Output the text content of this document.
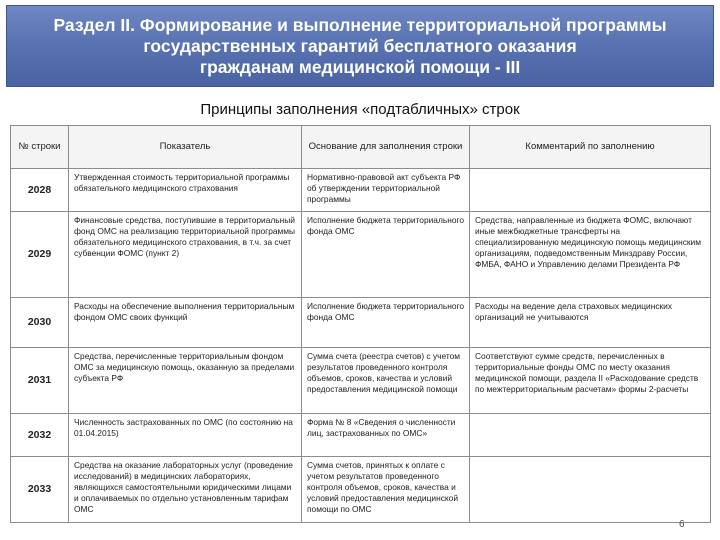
Раздел II. Формирование и выполнение территориальной программы
государственных гарантий бесплатного оказания
гражданам медицинской помощи - III
Принципы заполнения «подтабличных» строк
№ строки	Показатель	Основание для заполнения строки	Комментарий по заполнению
2028	Утвержденная стоимость территориальной программы обязательного медицинского страхования	Нормативно-правовой акт субъекта РФ об утверждении территориальной программы	
2029	Финансовые средства, поступившие в территориальный фонд ОМС на реализацию территориальной программы обязательного медицинского страхования, в т.ч. за счет субвенции ФОМС (пункт 2)	Исполнение бюджета территориального фонда ОМС	Средства, направленные из бюджета ФОМС, включают иные межбюджетные трансферты на специализированную медицинскую помощь медицинским организациям, подведомственным Минздраву России, ФМБА, ФАНО и Управлению делами Президента РФ
2030	Расходы на обеспечение выполнения территориальным фондом ОМС своих функций	Исполнение бюджета территориального фонда ОМС	Расходы на ведение дела страховых медицинских организаций не учитываются
2031	Средства, перечисленные территориальным фондом ОМС за медицинскую помощь, оказанную за пределами субъекта РФ	Сумма счета (реестра счетов) с учетом результатов проведенного контроля объемов, сроков, качества и условий предоставления медицинской помощи	Соответствуют сумме средств, перечисленных в территориальные фонды ОМС по месту оказания медицинской помощи, раздела II «Расходование средств по межтерриториальным расчетам» формы 2-расчеты
2032	Численность застрахованных по ОМС (по состоянию на 01.04.2015)	Форма № 8 «Сведения о численности лиц, застрахованных по ОМС»	
2033	Средства на оказание лабораторных услуг (проведение исследований) в медицинских лабораториях, являющихся самостоятельными юридическими лицами и оплачиваемых по отдельно установленным тарифам ОМС	Сумма счетов, принятых к оплате с учетом результатов проведенного контроля объемов, сроков, качества и условий предоставления медицинской помощи по ОМС	
6
